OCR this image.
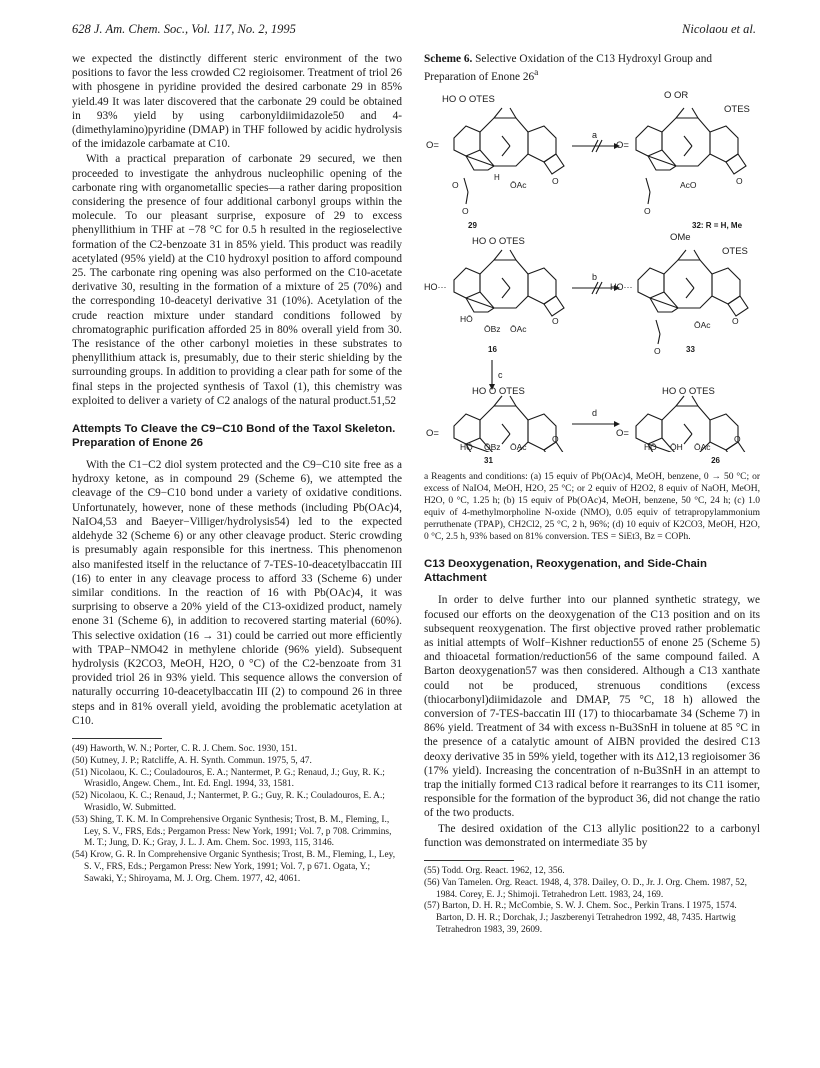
628 J. Am. Chem. Soc., Vol. 117, No. 2, 1995	Nicolaou et al.

we expected the distinctly different steric environment of the two positions to favor the less crowded C2 regioisomer. Treatment of triol 26 with phosgene in pyridine provided the desired carbonate 29 in 85% yield.49 It was later discovered that the carbonate 29 could be obtained in 93% yield by using carbonyldiimidazole50 and 4-(dimethylamino)pyridine (DMAP) in THF followed by acidic hydrolysis of the imidazole carbamate at C10.

With a practical preparation of carbonate 29 secured, we then proceeded to investigate the anhydrous nucleophilic opening of the carbonate ring with organometallic species—a rather daring proposition considering the presence of four additional carbonyl groups within the molecule. To our pleasant surprise, exposure of 29 to excess phenyllithium in THF at −78 °C for 0.5 h resulted in the regioselective formation of the C2-benzoate 31 in 85% yield. This product was readily acetylated (95% yield) at the C10 hydroxyl position to afford compound 25. The carbonate ring opening was also performed on the C10-acetate derivative 30, resulting in the formation of a mixture of 25 (70%) and the corresponding 10-deacetyl derivative 31 (10%). Acetylation of the crude reaction mixture under standard conditions followed by chromatographic purification afforded 25 in 80% overall yield from 30. The resistance of the other carbonyl moieties in these substrates to phenyllithium attack is, presumably, due to their steric shielding by the surrounding groups. In addition to providing a clear path for some of the final steps in the projected synthesis of Taxol (1), this chemistry was exploited to deliver a variety of C2 analogs of the natural product.51,52

Attempts To Cleave the C9−C10 Bond of the Taxol Skeleton. Preparation of Enone 26

With the C1−C2 diol system protected and the C9−C10 site free as a hydroxy ketone, as in compound 29 (Scheme 6), we attempted the cleavage of the C9−C10 bond under a variety of oxidative conditions. Unfortunately, however, none of these methods (including Pb(OAc)4, NaIO4,53 and Baeyer−Villiger/hydrolysis54) led to the expected aldehyde 32 (Scheme 6) or any other cleavage product. Steric crowding is presumably again responsible for this inertness. This phenomenon also manifested itself in the reluctance of 7-TES-10-deacetylbaccatin III (16) to enter in any cleavage process to afford 33 (Scheme 6) under similar conditions. In the reaction of 16 with Pb(OAc)4, it was surprising to observe a 20% yield of the C13-oxidized product, namely enone 31 (Scheme 6), in addition to recovered starting material (60%). This selective oxidation (16 → 31) could be carried out more efficiently with TPAP−NMO42 in methylene chloride (96% yield). Subsequent hydrolysis (K2CO3, MeOH, H2O, 0 °C) of the C2-benzoate from 31 provided triol 26 in 93% yield. This sequence allows the conversion of naturally occurring 10-deacetylbaccatin III (2) to compound 26 in three steps and in 81% overall yield, avoiding the problematic acetylation at C10.

(49) Haworth, W. N.; Porter, C. R. J. Chem. Soc. 1930, 151.

(50) Kutney, J. P.; Ratcliffe, A. H. Synth. Commun. 1975, 5, 47.

(51) Nicolaou, K. C.; Couladouros, E. A.; Nantermet, P. G.; Renaud, J.; Guy, R. K.; Wrasidlo, Angew. Chem., Int. Ed. Engl. 1994, 33, 1581.

(52) Nicolaou, K. C.; Renaud, J.; Nantermet, P. G.; Guy, R. K.; Couladouros, E. A.; Wrasidlo, W. Submitted.

(53) Shing, T. K. M. In Comprehensive Organic Synthesis; Trost, B. M., Fleming, I., Ley, S. V., FRS, Eds.; Pergamon Press: New York, 1991; Vol. 7, p 708. Crimmins, M. T.; Jung, D. K.; Gray, J. L. J. Am. Chem. Soc. 1993, 115, 3146.

(54) Krow, G. R. In Comprehensive Organic Synthesis; Trost, B. M., Fleming, I., Ley, S. V., FRS, Eds.; Pergamon Press: New York, 1991; Vol. 7, p 671. Ogata, Y.; Sawaki, Y.; Shiroyama, M. J. Org. Chem. 1977, 42, 4061.

Scheme 6. Selective Oxidation of the C13 Hydroxyl Group and Preparation of Enone 26$^a$

HO O OTES
O=
H
ŌAc
O	O
O
29
a
O OR
OTES
O=
AcO	O
O
32: R = H, Me
HO O OTES
HO···
HŌ
ŌBz ŌAc
O
16
b
OMe
OTES
HO···
ŌAc	O
O	33
c
HO O OTES
O=
HŌ ŌBz ŌAc
O
d
HO O OTES
O=
HŌ ŌH ŌAc
O
31	26

a Reagents and conditions: (a) 15 equiv of Pb(OAc)4, MeOH, benzene, 0 → 50 °C; or excess of NaIO4, MeOH, H2O, 25 °C; or 2 equiv of H2O2, 8 equiv of NaOH, MeOH, H2O, 0 °C, 1.25 h; (b) 15 equiv of Pb(OAc)4, MeOH, benzene, 50 °C, 24 h; (c) 1.0 equiv of 4-methylmorpholine N-oxide (NMO), 0.05 equiv of tetrapropylammonium perruthenate (TPAP), CH2Cl2, 25 °C, 2 h, 96%; (d) 10 equiv of K2CO3, MeOH, H2O, 0 °C, 2.5 h, 93% based on 81% conversion. TES = SiEt3, Bz = COPh.

C13 Deoxygenation, Reoxygenation, and Side-Chain Attachment

In order to delve further into our planned synthetic strategy, we focused our efforts on the deoxygenation of the C13 position and on its subsequent reoxygenation. The first objective proved rather problematic as initial attempts of Wolf−Kishner reduction55 of enone 25 (Scheme 5) and thioacetal formation/reduction56 of the same compound failed. A Barton deoxygenation57 was then considered. Although a C13 xanthate could not be produced, strenuous conditions (excess (thiocarbonyl)diimidazole and DMAP, 75 °C, 18 h) allowed the conversion of 7-TES-baccatin III (17) to thiocarbamate 34 (Scheme 7) in 86% yield. Treatment of 34 with excess n-Bu3SnH in toluene at 85 °C in the presence of a catalytic amount of AIBN provided the desired C13 deoxy derivative 35 in 59% yield, together with its Δ12,13 regioisomer 36 (17% yield). Increasing the concentration of n-Bu3SnH in an attempt to trap the initially formed C13 radical before it rearranges to its C11 isomer, responsible for the formation of the byproduct 36, did not change the ratio of the two products.

The desired oxidation of the C13 allylic position22 to a carbonyl function was demonstrated on intermediate 35 by

(55) Todd. Org. React. 1962, 12, 356.

(56) Van Tamelen. Org. React. 1948, 4, 378. Dailey, O. D., Jr. J. Org. Chem. 1987, 52, 1984. Corey, E. J.; Shimoji. Tetrahedron Lett. 1983, 24, 169.

(57) Barton, D. H. R.; McCombie, S. W. J. Chem. Soc., Perkin Trans. I 1975, 1574. Barton, D. H. R.; Dorchak, J.; Jaszberenyi Tetrahedron 1992, 48, 7435. Hartwig Tetrahedron 1983, 39, 2609.
